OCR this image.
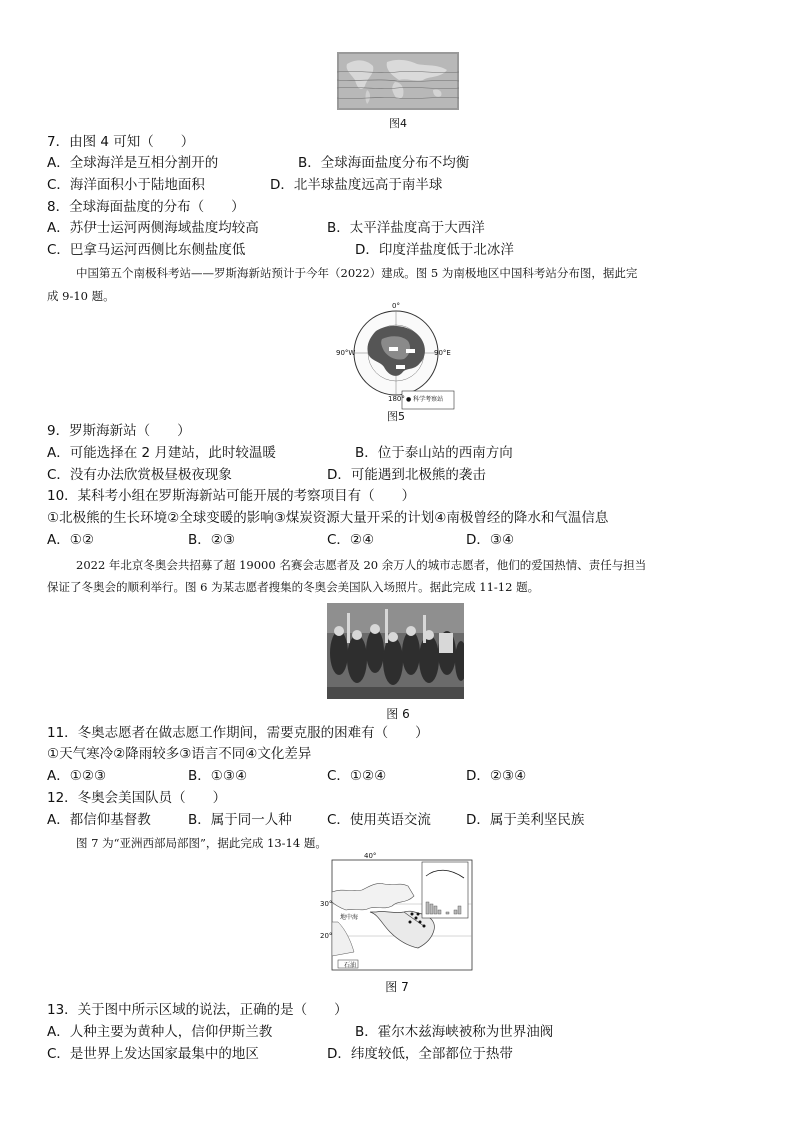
图4
7．由图 4 可知（　　）
A．全球海洋是互相分割开的	B．全球海面盐度分布不均衡
C．海洋面积小于陆地面积	D．北半球盐度远高于南半球
8．全球海面盐度的分布（　　）
A．苏伊士运河两侧海域盐度均较高	B．太平洋盐度高于大西洋
C．巴拿马运河西侧比东侧盐度低	D．印度洋盐度低于北冰洋
中国第五个南极科考站——罗斯海新站预计于今年（2022）建成。图 5 为南极地区中国科考站分布图，据此完
成 9-10 题。
0°
90°W	90°E
180° ● 科学考察站
图5
9．罗斯海新站（　　）
A．可能选择在 2 月建站，此时较温暖	B．位于泰山站的西南方向
C．没有办法欣赏极昼极夜现象	D．可能遇到北极熊的袭击
10．某科考小组在罗斯海新站可能开展的考察项目有（　　）
①北极熊的生长环境②全球变暖的影响③煤炭资源大量开采的计划④南极曾经的降水和气温信息
A．①②	B．②③	C．②④	D．③④
2022 年北京冬奥会共招募了超 19000 名赛会志愿者及 20 余万人的城市志愿者，他们的爱国热情、责任与担当
保证了冬奥会的顺利举行。图 6 为某志愿者搜集的冬奥会美国队入场照片。据此完成 11-12 题。
图 6
11．冬奥志愿者在做志愿工作期间，需要克服的困难有（　　）
①天气寒冷②降雨较多③语言不同④文化差异
A．①②③	B．①③④	C．①②④	D．②③④
12．冬奥会美国队员（　　）
A．都信仰基督教	B．属于同一人种	C．使用英语交流	D．属于美利坚民族
图 7 为“亚洲西部局部图”，据此完成 13-14 题。
40°
30°
20°
地中海
石油
图 7
13．关于图中所示区域的说法，正确的是（　　）
A．人种主要为黄种人，信仰伊斯兰教	B．霍尔木兹海峡被称为世界油阀
C．是世界上发达国家最集中的地区	D．纬度较低，全部都位于热带
